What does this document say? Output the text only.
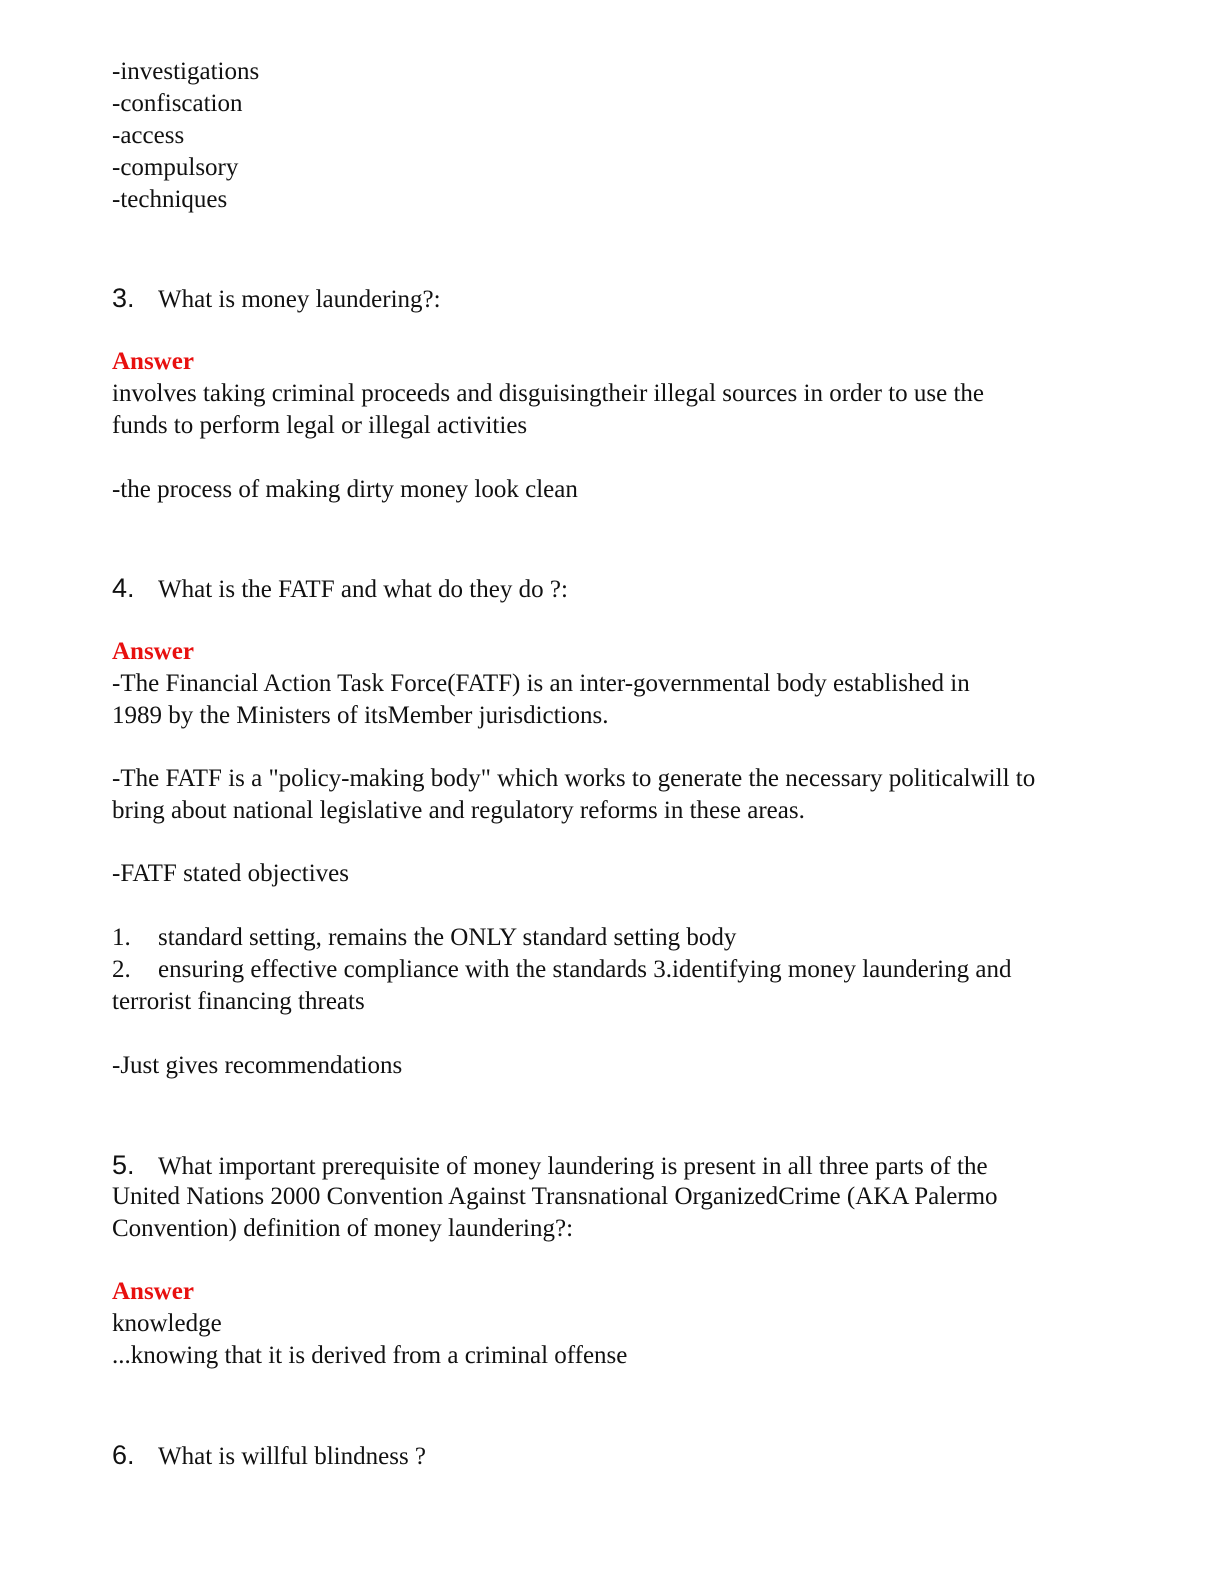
-investigations
-confiscation
-access
-compulsory
-techniques
3. What is money laundering?:
Answer
involves taking criminal proceeds and disguisingtheir illegal sources in order to use the
funds to perform legal or illegal activities
-the process of making dirty money look clean
4. What is the FATF and what do they do ?:
Answer
-The Financial Action Task Force(FATF) is an inter-governmental body established in
1989 by the Ministers of itsMember jurisdictions.
-The FATF is a "policy-making body" which works to generate the necessary politicalwill to
bring about national legislative and regulatory reforms in these areas.
-FATF stated objectives
1. standard setting, remains the ONLY standard setting body
2. ensuring effective compliance with the standards 3.identifying money laundering and
terrorist financing threats
-Just gives recommendations
5. What important prerequisite of money laundering is present in all three parts of the
United Nations 2000 Convention Against Transnational OrganizedCrime (AKA Palermo
Convention) definition of money laundering?:
Answer
knowledge
...knowing that it is derived from a criminal offense
6. What is willful blindness ?
